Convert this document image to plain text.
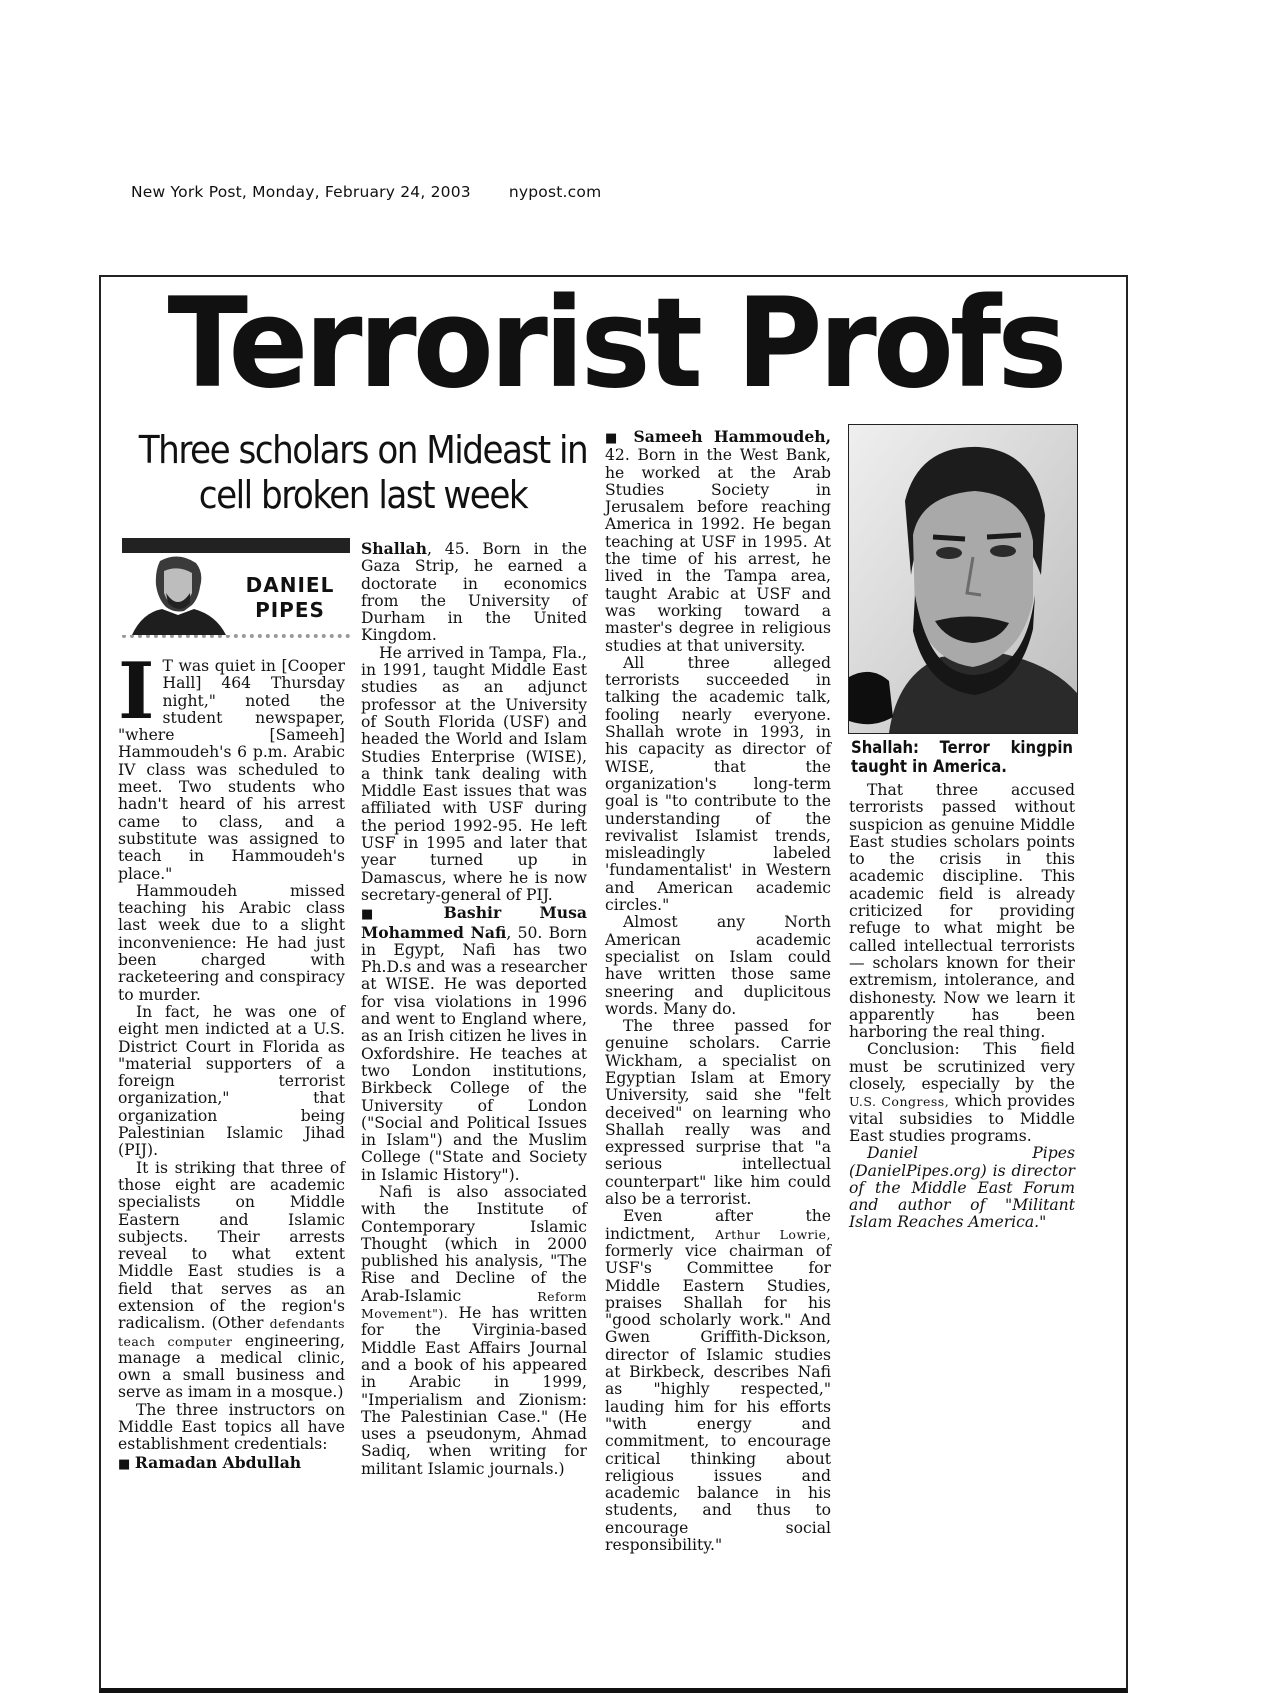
New York Post, Monday, February 24, 2003 nypost.com
Terrorist Profs
Three scholars on Mideast in cell broken last week
DANIEL
PIPES

I T was quiet in [Cooper Hall] 464 Thursday night," noted the student newspaper, "where [Sameeh] Hammoudeh's 6 p.m. Arabic IV class was scheduled to meet. Two students who hadn't heard of his arrest came to class, and a substitute was assigned to teach in Hammoudeh's place."

Hammoudeh missed teaching his Arabic class last week due to a slight inconvenience: He had just been charged with racketeering and conspiracy to murder.

In fact, he was one of eight men indicted at a U.S. District Court in Florida as "material supporters of a foreign terrorist organization," that organization being Palestinian Islamic Jihad (PIJ).

It is striking that three of those eight are academic specialists on Middle Eastern and Islamic subjects. Their arrests reveal to what extent Middle East studies is a field that serves as an extension of the region's radicalism. (Other defendants teach computer engineering, manage a medical clinic, own a small business and serve as imam in a mosque.)

The three instructors on Middle East topics all have establishment credentials:

■ Ramadan Abdullah

Shallah, 45. Born in the Gaza Strip, he earned a doctorate in economics from the University of Durham in the United Kingdom.

He arrived in Tampa, Fla., in 1991, taught Middle East studies as an adjunct professor at the University of South Florida (USF) and headed the World and Islam Studies Enterprise (WISE), a think tank dealing with Middle East issues that was affiliated with USF during the period 1992-95. He left USF in 1995 and later that year turned up in Damascus, where he is now secretary-general of PIJ.

■ Bashir Musa Mohammed Nafi, 50. Born in Egypt, Nafi has two Ph.D.s and was a researcher at WISE. He was deported for visa violations in 1996 and went to England where, as an Irish citizen he lives in Oxfordshire. He teaches at two London institutions, Birkbeck College of the University of London ("Social and Political Issues in Islam") and the Muslim College ("State and Society in Islamic History").

Nafi is also associated with the Institute of Contemporary Islamic Thought (which in 2000 published his analysis, "The Rise and Decline of the Arab-Islamic	Reform Movement"). He has written for the Virginia-based Middle East Affairs Journal and a book of his appeared in Arabic in 1999, "Imperialism and Zionism: The Palestinian Case." (He uses a pseudonym, Ahmad Sadiq, when writing for militant Islamic journals.)

■ Sameeh Hammoudeh, 42. Born in the West Bank, he worked at the Arab Studies Society in Jerusalem before reaching America in 1992. He began teaching at USF in 1995. At the time of his arrest, he lived in the Tampa area, taught Arabic at USF and was working toward a master's degree in religious studies at that university.

All three alleged terrorists succeeded in talking the academic talk, fooling nearly everyone. Shallah wrote in 1993, in his capacity as director of WISE, that the organization's long-term goal is "to contribute to the understanding of the revivalist Islamist trends, misleadingly labeled 'fundamentalist' in Western and American academic circles."

Almost any North American academic specialist on Islam could have written those same sneering and duplicitous words. Many do.

The three passed for genuine scholars. Carrie Wickham, a specialist on Egyptian Islam at Emory University, said she "felt deceived" on learning who Shallah really was and expressed surprise that "a serious intellectual counterpart" like him could also be a terrorist.

Even after the indictment, Arthur Lowrie, formerly vice chairman of USF's Committee for Middle Eastern Studies, praises Shallah for his "good scholarly work." And Gwen Griffith-Dickson, director of Islamic studies at Birkbeck, describes Nafi as "highly respected," lauding him for his efforts "with energy and commitment, to encourage critical thinking about religious issues and academic balance in his students, and thus to encourage social responsibility."

Shallah: Terror kingpin taught in America.

That three accused terrorists passed without suspicion as genuine Middle East studies scholars points to the crisis in this academic discipline. This academic field is already criticized for providing refuge to what might be called intellectual terrorists — scholars known for their extremism, intolerance, and dishonesty. Now we learn it apparently has been harboring the real thing.

Conclusion: This field must be scrutinized very closely, especially by the U.S. Congress, which provides vital subsidies to Middle East studies programs.

Daniel Pipes (DanielPipes.org) is director of the Middle East Forum and author of "Militant Islam Reaches America."
